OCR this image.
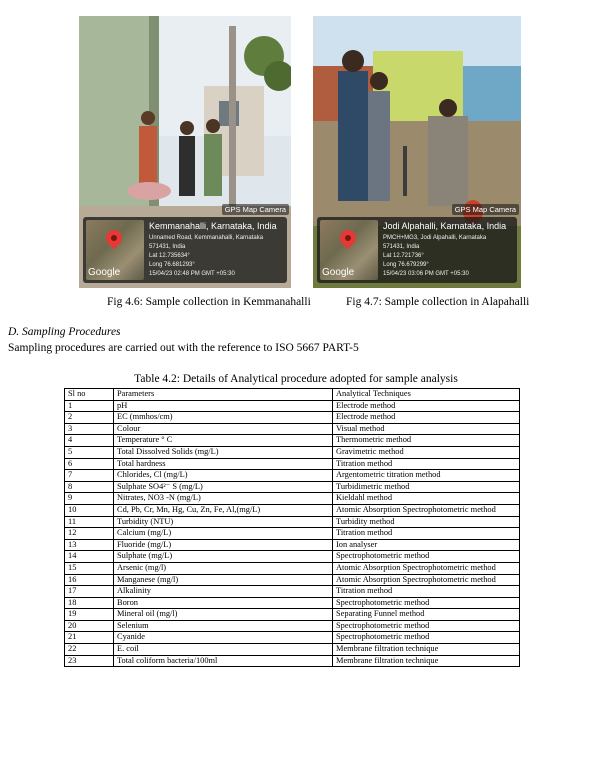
GPS Map Camera
Google
Kemmanahalli, Karnataka, India
Unnamed Road, Kemmanahalli, Karnataka
571431, India
Lat 12.735634°
Long 76.681293°
15/04/23 02:48 PM GMT +05:30
GPS Map Camera
Google
Jodi Alpahalli, Karnataka, India
PMCH+MG3, Jodi Alpahalli, Karnataka
571431, India
Lat 12.721736°
Long 76.679299°
15/04/23 03:06 PM GMT +05:30
Fig 4.6: Sample collection in Kemmanahalli	Fig 4.7: Sample collection in Alapahalli
D. Sampling Procedures
Sampling procedures are carried out with the reference to ISO 5667 PART-5
Table 4.2: Details of Analytical procedure adopted for sample analysis
Sl no	Parameters	Analytical Techniques
1	pH	Electrode method
2	EC (mmhos/cm)	Electrode method
3	Colour	Visual method
4	Temperature ° C	Thermometric method
5	Total Dissolved Solids (mg/L)	Gravimetric method
6	Total hardness	Titration method
7	Chlorides, Cl (mg/L)	Argentometric titration method
8	Sulphate SO4²⁻ S (mg/L)	Turbidimetric method
9	Nitrates, NO3 -N (mg/L)	Kieldahl method
10	Cd, Pb, Cr, Mn, Hg, Cu, Zn, Fe, Al,(mg/L)	Atomic Absorption Spectrophotometric method
11	Turbidity (NTU)	Turbidity method
12	Calcium (mg/L)	Titration method
13	Fluoride (mg/L)	Ion analyser
14	Sulphate (mg/L)	Spectrophotometric method
15	Arsenic (mg/l)	Atomic Absorption Spectrophotometric method
16	Manganese (mg/l)	Atomic Absorption Spectrophotometric method
17	Alkalinity	Titration method
18	Boron	Spectrophotometric method
19	Mineral oil (mg/l)	Separating Funnel method
20	Selenium	Spectrophotometric method
21	Cyanide	Spectrophotometric method
22	E. coil	Membrane filtration technique
23	Total coliform bacteria/100ml	Membrane filtration technique
